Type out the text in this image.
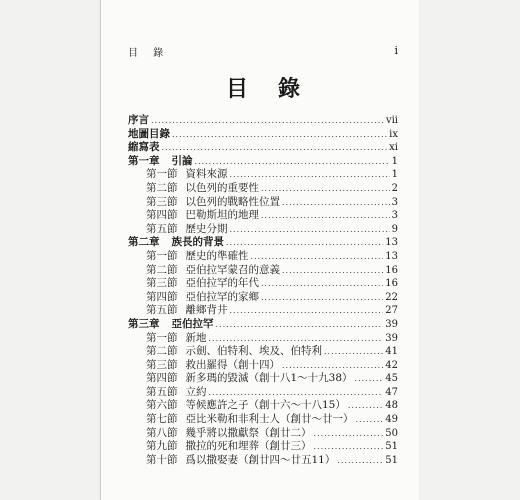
目 錄	i
目錄
序言 .....	vii
地圖目錄 .....	ix
縮寫表 .....	xi
第一章 引論 .....	1
第一節 資料來源 .....	1
第二節 以色列的重要性 .....	2
第三節 以色列的戰略性位置 .....	3
第四節 巴勒斯坦的地理 .....	3
第五節 歷史分期 .....	9
第二章 族長的背景 .....	13
第一節 歷史的準確性 .....	13
第二節 亞伯拉罕蒙召的意義 .....	16
第三節 亞伯拉罕的年代 .....	16
第四節 亞伯拉罕的家鄉 .....	22
第五節 離鄉背井 .....	27
第三章 亞伯拉罕 .....	39
第一節 新地 .....	39
第二節 示劍、伯特利、埃及、伯特利 .....	41
第三節 救出羅得（創十四） .....	42
第四節 新多瑪的毀滅（創十八1～十九38） .....	45
第五節 立約 .....	47
第六節 等候應許之子（創十六～十八15） .....	48
第七節 亞比米勒和非利士人（創廿～廿一） .....	49
第八節 幾乎將以撒獻祭（創廿二） .....	50
第九節 撒拉的死和埋葬（創廿三） .....	51
第十節 爲以撒娶妻（創廿四～廿五11） .....	51
